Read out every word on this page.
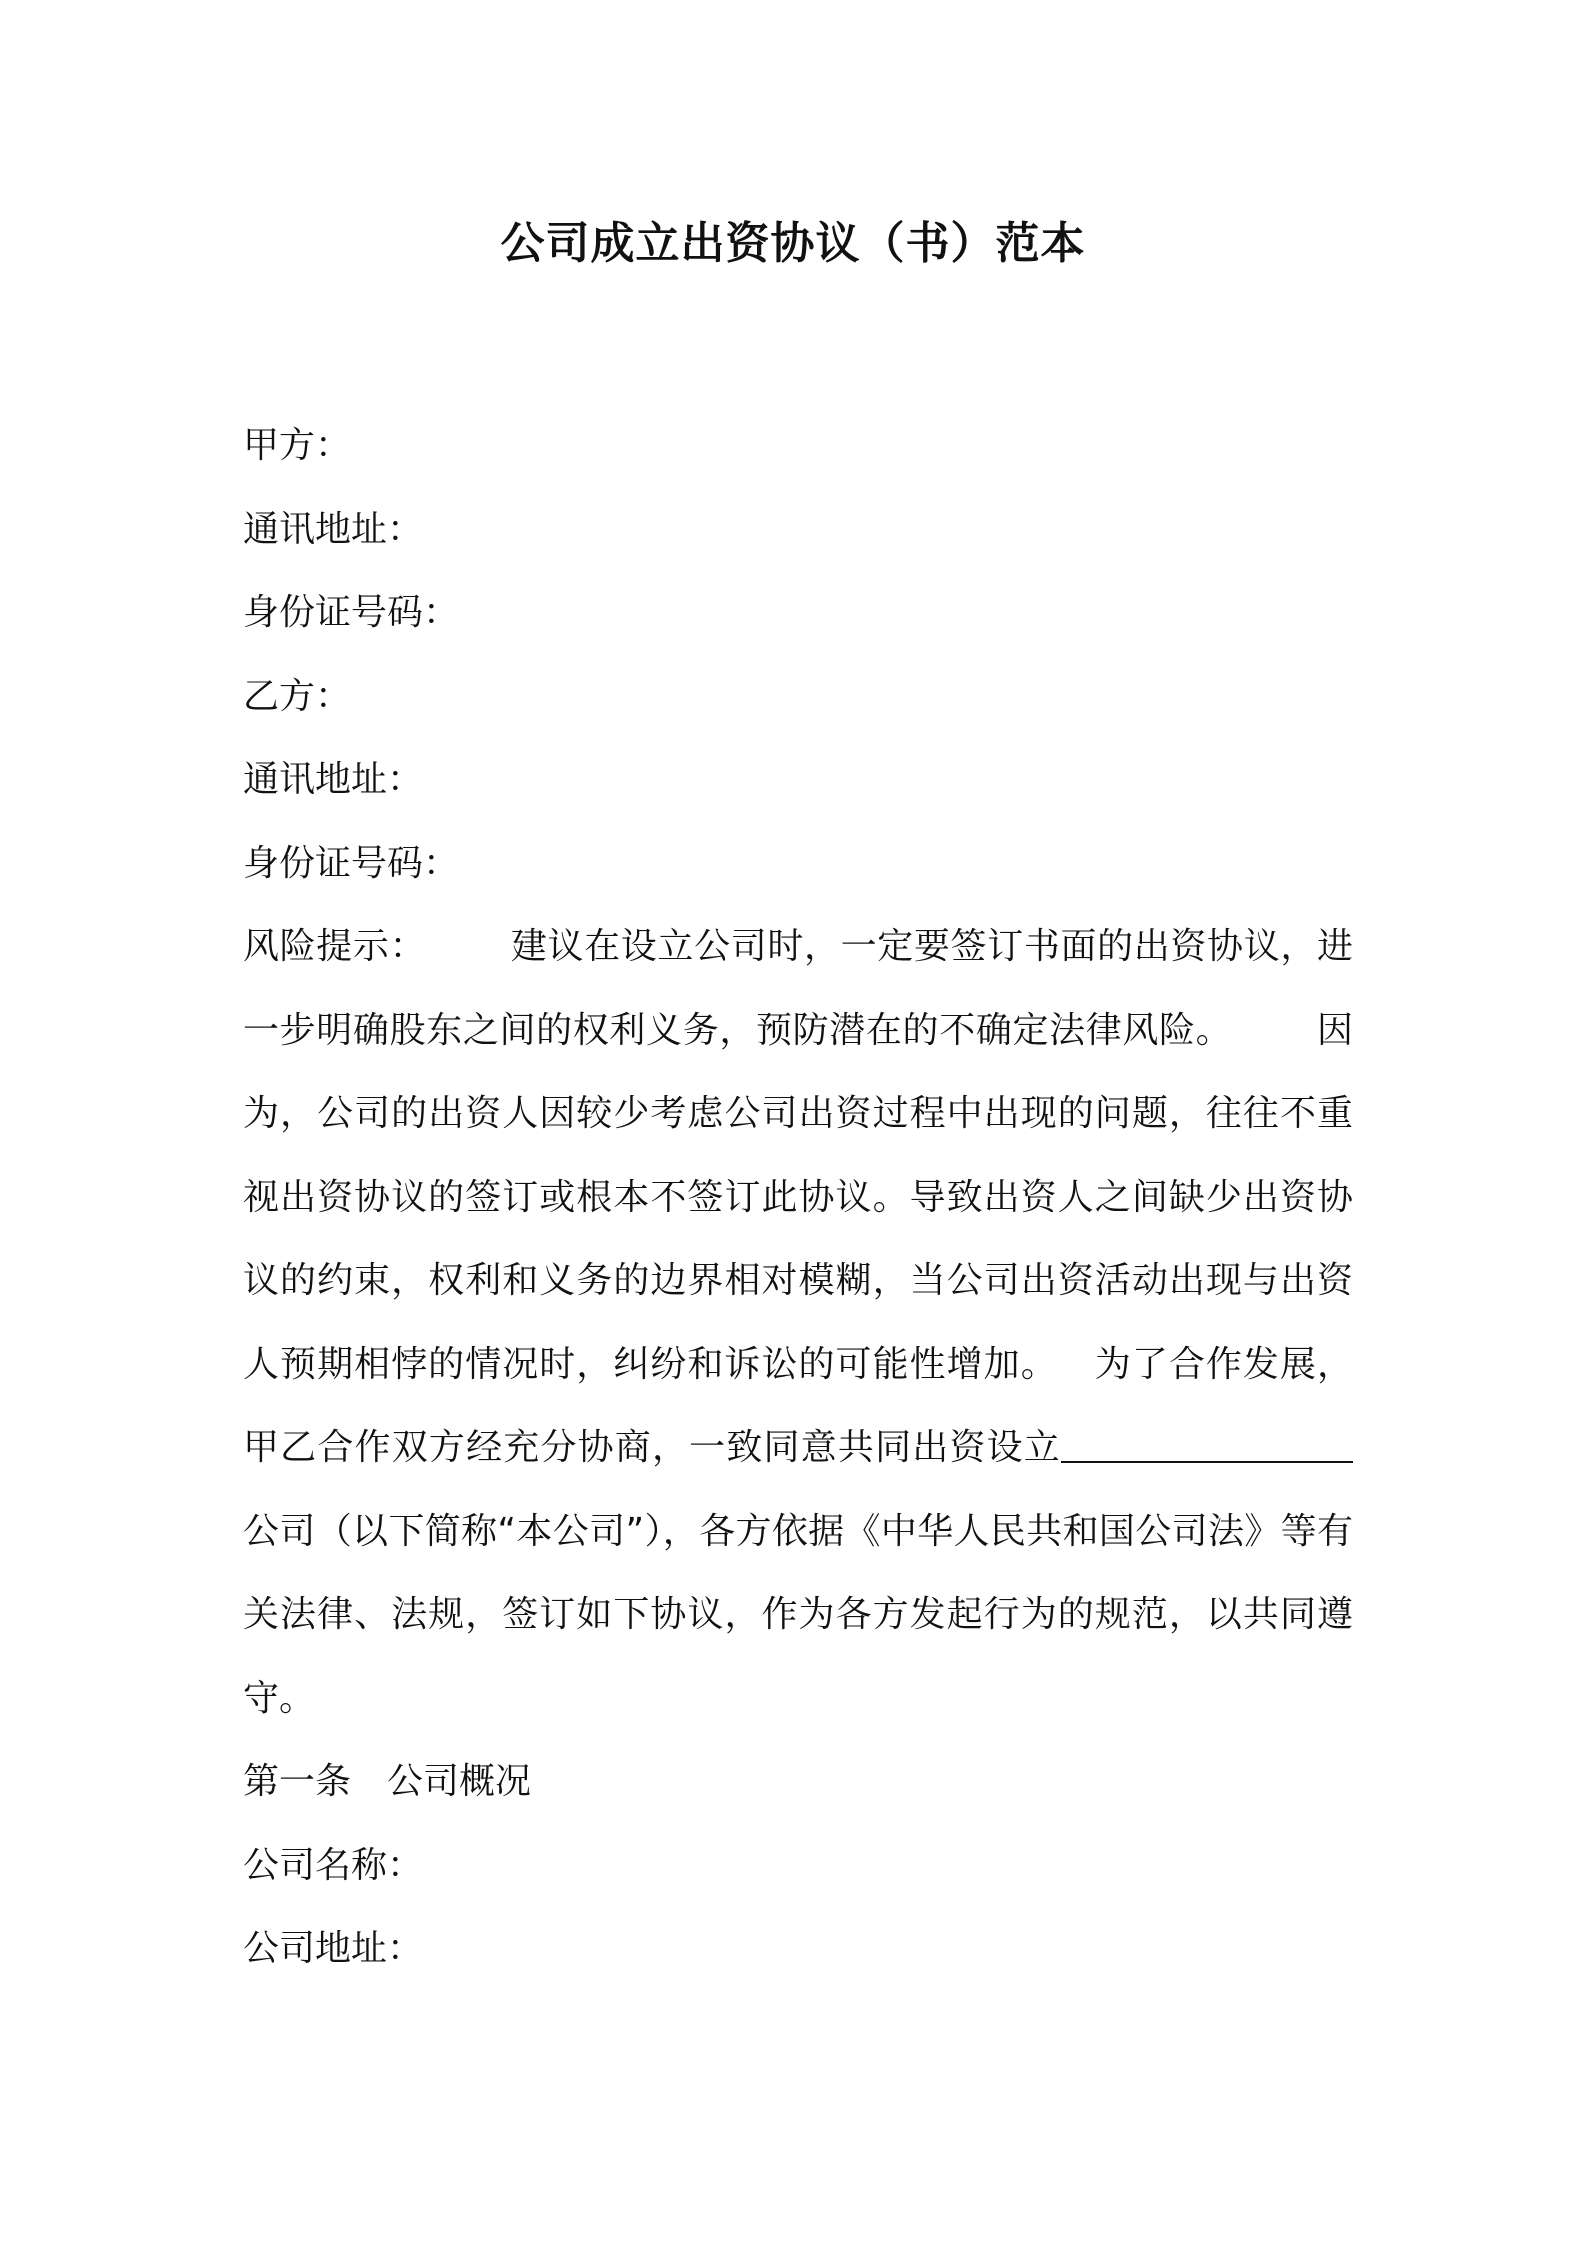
公司成立出资协议（书）范本
甲方：
通讯地址：
身份证号码：
乙方：
通讯地址：
身份证号码：
风险提示： 建议在设立公司时，一定要签订书面的出资协议，进一步明确股东之间的权利义务，预防潜在的不确定法律风险。 因为，公司的出资人因较少考虑公司出资过程中出现的问题，往往不重视出资协议的签订或根本不签订此协议。导致出资人之间缺少出资协议的约束，权利和义务的边界相对模糊，当公司出资活动出现与出资人预期相悖的情况时，纠纷和诉讼的可能性增加。 为了合作发展，甲乙合作双方经充分协商，一致同意共同出资设立公司（以下简称“本公司”），各方依据《中华人民共和国公司法》等有关法律、法规，签订如下协议，作为各方发起行为的规范，以共同遵守。
第一条 公司概况
公司名称：
公司地址：
